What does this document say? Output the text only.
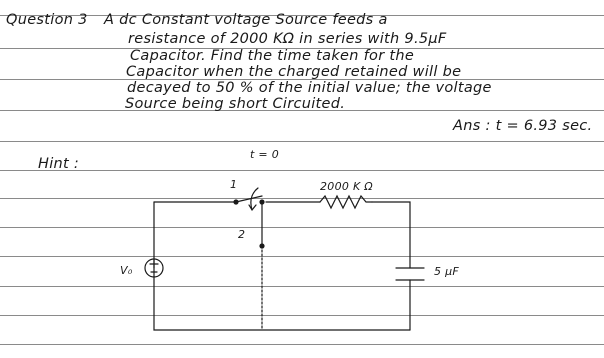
Question 3 A dc Constant voltage Source feeds a
resistance of 2000 KΩ in series with 9.5μF
Capacitor. Find the time taken for the
Capacitor when the charged retained will be
decayed to 50 % of the initial value; the voltage
Source being short Circuited.
Ans : t = 6.93 sec.
Hint :
t = 0
1
2
2000 K Ω
V₀	5 μF
